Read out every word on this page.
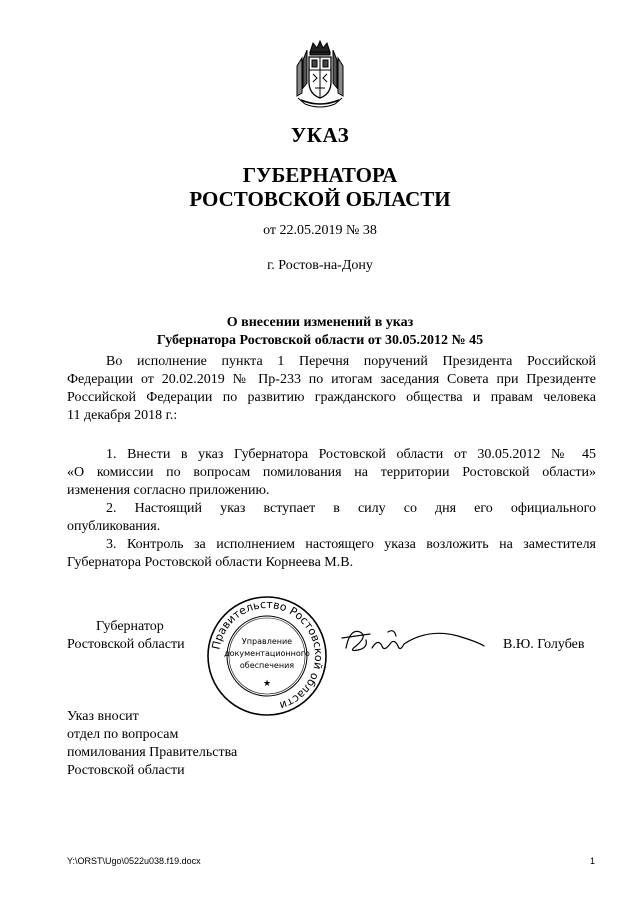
УКАЗ
ГУБЕРНАТОРА
РОСТОВСКОЙ ОБЛАСТИ
от 22.05.2019 № 38
г. Ростов-на-Дону
О внесении изменений в указ
Губернатора Ростовской области от 30.05.2012 № 45
Во исполнение пункта 1 Перечня поручений Президента Российской
Федерации от 20.02.2019 № Пр-233 по итогам заседания Совета при Президенте
Российской Федерации по развитию гражданского общества и правам человека
11 декабря 2018 г.:
1. Внести в указ Губернатора Ростовской области от 30.05.2012 № 45
«О комиссии по вопросам помилования на территории Ростовской области»
изменения согласно приложению.
2. Настоящий указ вступает в силу со дня его официального
опубликования.
3. Контроль за исполнением настоящего указа возложить на заместителя
Губернатора Ростовской области Корнеева М.В.
Губернатор
Ростовской области	В.Ю. Голубев
Правительство Ростовской области
Управление
документационного
обеспечения
★
Указ вносит
отдел по вопросам
помилования Правительства
Ростовской области
Y:\ORST\Ugo\0522u038.f19.docx	1
